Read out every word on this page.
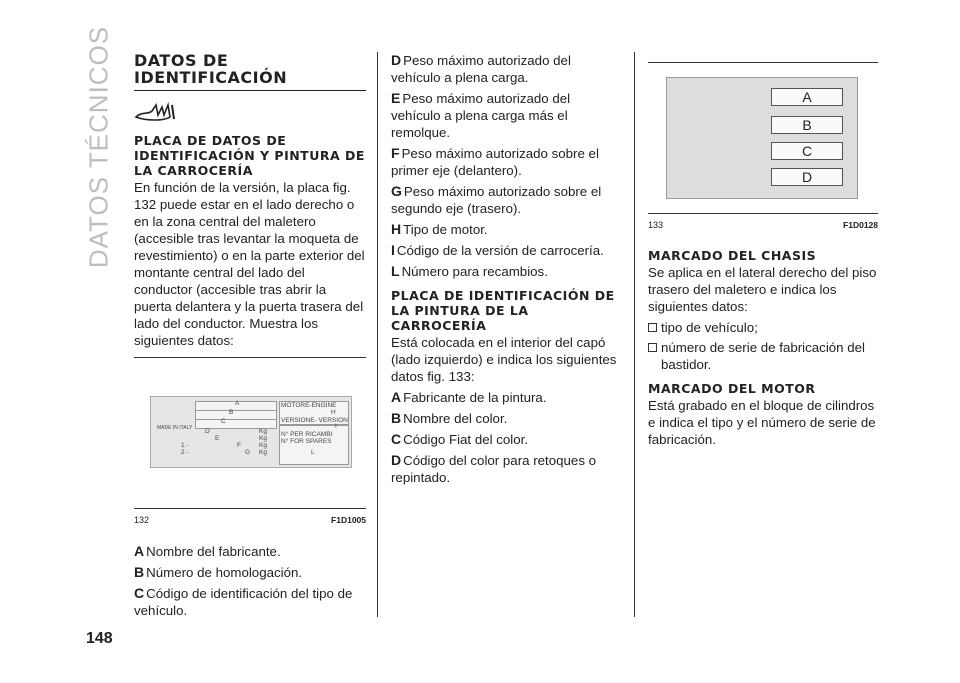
DATOS TÉCNICOS
148
DATOS DE IDENTIFICACIÓN
PLACA DE DATOS DE IDENTIFICACIÓN Y PINTURA DE LA CARROCERÍA

En función de la versión, la placa fig. 132 puede estar en el lado derecho o en la zona central del maletero (accesible tras levantar la moqueta de revestimiento) o en la parte exterior del montante central del lado del conductor (accesible tras abrir la puerta delantera y la puerta trasera del lado del conductor. Muestra los siguientes datos:

MADE IN ITALY
A
B
C
D
E
F
G
1 -
2 -
Kg
Kg
Kg
Kg
MOTORE-ENGINE
H
VERSIONE- VERSION
I
N° PER RICAMBI
N° FOR SPARES
L
132	F1D1005

A Nombre del fabricante.

B Número de homologación.

C Código de identificación del tipo de vehículo.

D Peso máximo autorizado del vehículo a plena carga.

E Peso máximo autorizado del vehículo a plena carga más el remolque.

F Peso máximo autorizado sobre el primer eje (delantero).

G Peso máximo autorizado sobre el segundo eje (trasero).

H Tipo de motor.

I Código de la versión de carrocería.

L Número para recambios.

PLACA DE IDENTIFICACIÓN DE LA PINTURA DE LA CARROCERÍA

Está colocada en el interior del capó (lado izquierdo) e indica los siguientes datos fig. 133:

A Fabricante de la pintura.

B Nombre del color.

C Código Fiat del color.

D Código del color para retoques o repintado.

A
B
C
D
133	F1D0128
MARCADO DEL CHASIS

Se aplica en el lateral derecho del piso trasero del maletero e indica los siguientes datos:

tipo de vehículo;
número de serie de fabricación del bastidor.
MARCADO DEL MOTOR

Está grabado en el bloque de cilindros e indica el tipo y el número de serie de fabricación.
